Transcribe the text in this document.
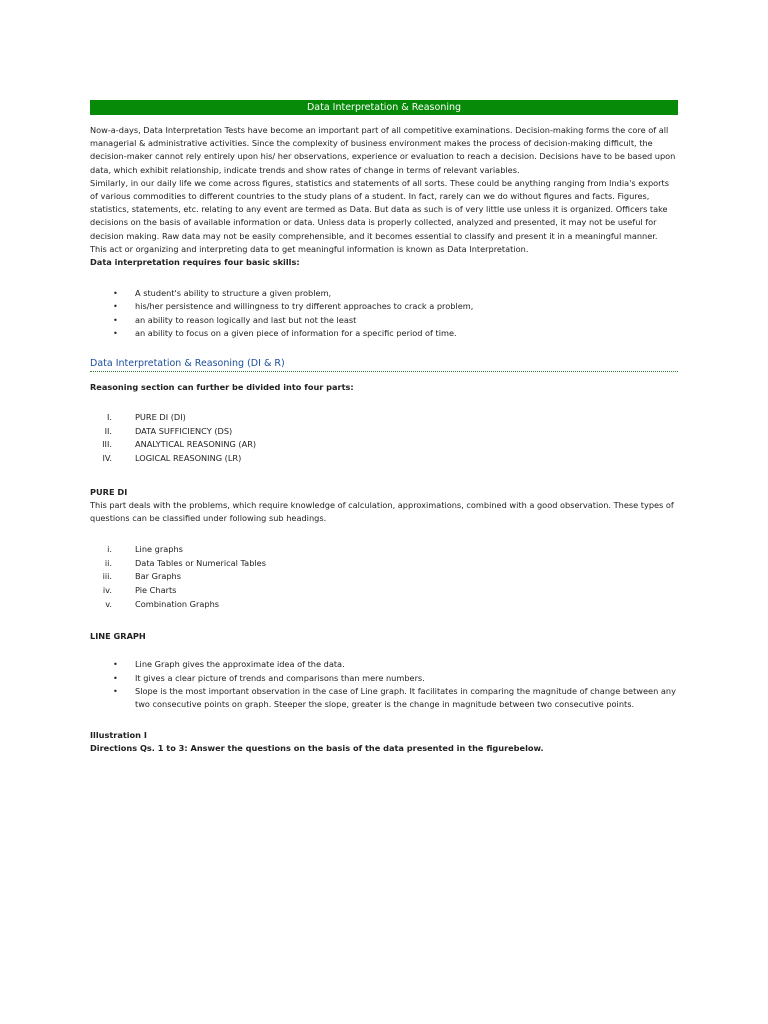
Data Interpretation & Reasoning

Now-a-days, Data Interpretation Tests have become an important part of all competitive examinations. Decision-making forms the core of all managerial & administrative activities. Since the complexity of business environment makes the process of decision-making difficult, the decision-maker cannot rely entirely upon his/ her observations, experience or evaluation to reach a decision. Decisions have to be based upon data, which exhibit relationship, indicate trends and show rates of change in terms of relevant variables.

Similarly, in our daily life we come across figures, statistics and statements of all sorts. These could be anything ranging from India's exports of various commodities to different countries to the study plans of a student. In fact, rarely can we do without figures and facts. Figures, statistics, statements, etc. relating to any event are termed as Data. But data as such is of very little use unless it is organized. Officers take decisions on the basis of available information or data. Unless data is properly collected, analyzed and presented, it may not be useful for decision making. Raw data may not be easily comprehensible, and it becomes essential to classify and present it in a meaningful manner.

This act or organizing and interpreting data to get meaningful information is known as Data Interpretation.

Data interpretation requires four basic skills:

• A student's ability to structure a given problem,
• his/her persistence and willingness to try different approaches to crack a problem,
• an ability to reason logically and last but not the least
• an ability to focus on a given piece of information for a specific period of time.
Data Interpretation & Reasoning (DI & R)

Reasoning section can further be divided into four parts:

I.	PURE DI (DI)
II.	DATA SUFFICIENCY (DS)
III.	ANALYTICAL REASONING (AR)
IV.	LOGICAL REASONING (LR)

PURE DI

This part deals with the problems, which require knowledge of calculation, approximations, combined with a good observation. These types of questions can be classified under following sub headings.

i.	Line graphs
ii.	Data Tables or Numerical Tables
iii.	Bar Graphs
iv.	Pie Charts
v.	Combination Graphs

LINE GRAPH

• Line Graph gives the approximate idea of the data.
• It gives a clear picture of trends and comparisons than mere numbers.
• Slope is the most important observation in the case of Line graph. It facilitates in comparing the magnitude of change between any two consecutive points on graph. Steeper the slope, greater is the change in magnitude between two consecutive points.

Illustration I

Directions Qs. 1 to 3: Answer the questions on the basis of the data presented in the figurebelow.
